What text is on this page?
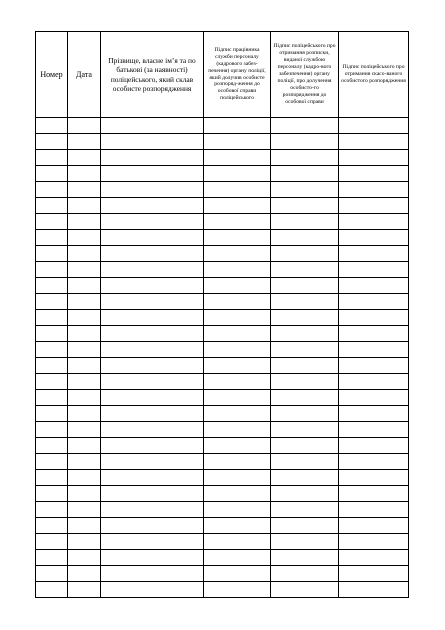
Номер	Дата	Прізвище, власне ім’я та по батькові (за наявності) поліцейського, який склав особисте розпорядження	Підпис працівника служби персоналу (кадрового забез-печення) органу поліції, який долучив особисте розпоряд-ження до особової справи поліцейського	Підпис поліцейського про отримання розписки, виданої службою персоналу (кадро-вого забезпечення) органу поліції, про долучення особисто-го розпорядження до особової справи	Підпис поліцейського про отримання скасо-ваного особистого розпорядження
